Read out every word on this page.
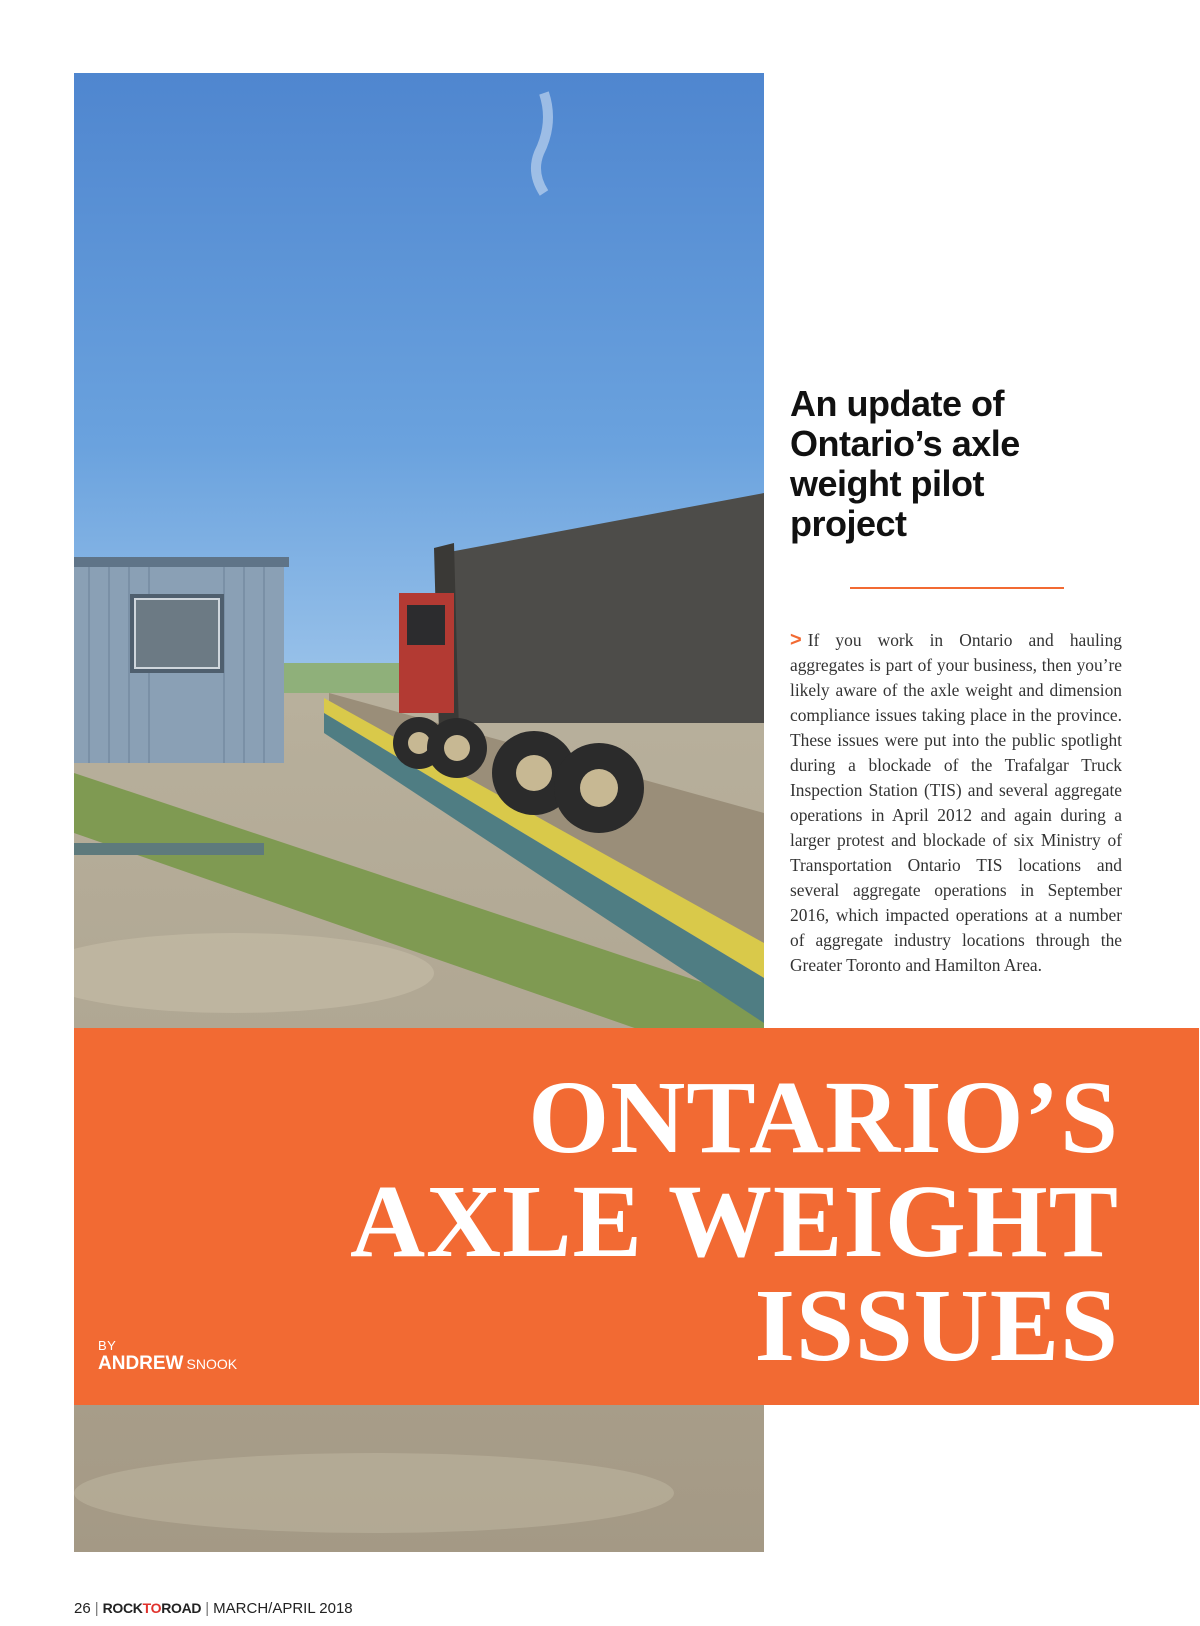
An update of
Ontario’s axle
weight pilot
project

> If you work in Ontario and hauling aggregates is part of your business, then you’re likely aware of the axle weight and dimension compliance issues taking place in the province. These issues were put into the public spotlight during a blockade of the Trafalgar Truck Inspection Station (TIS) and several aggregate operations in April 2012 and again during a larger protest and blockade of six Ministry of Transportation Ontario TIS locations and several aggregate operations in September 2016, which impacted operations at a number of aggregate industry locations through the Greater Toronto and Hamilton Area.

ONTARIO’S
AXLE WEIGHT
ISSUES
BY
ANDREW SNOOK
26 | ROCKTOROAD | MARCH/APRIL 2018
